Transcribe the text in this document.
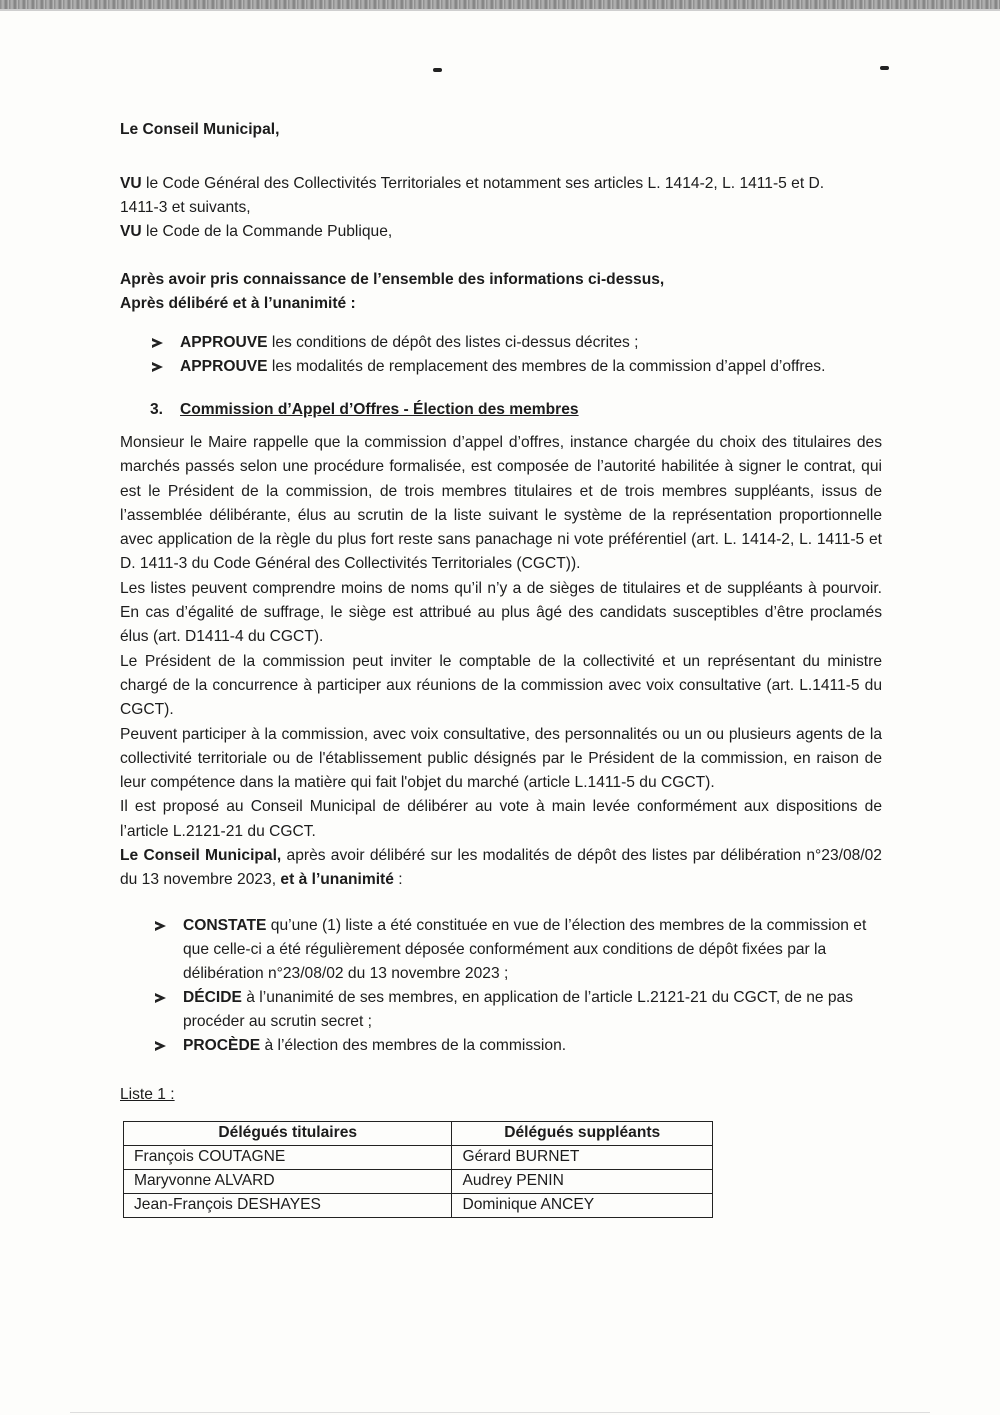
Le Conseil Municipal,
VU le Code Général des Collectivités Territoriales et notamment ses articles L. 1414-2, L. 1411-5 et D.
1411-3 et suivants,
VU le Code de la Commande Publique,
Après avoir pris connaissance de l’ensemble des informations ci-dessus,
Après délibéré et à l’unanimité :
APPROUVE les conditions de dépôt des listes ci-dessus décrites ;
APPROUVE les modalités de remplacement des membres de la commission d’appel d’offres.
3. Commission d’Appel d’Offres - Élection des membres

Monsieur le Maire rappelle que la commission d’appel d’offres, instance chargée du choix des titulaires des marchés passés selon une procédure formalisée, est composée de l’autorité habilitée à signer le contrat, qui est le Président de la commission, de trois membres titulaires et de trois membres suppléants, issus de l’assemblée délibérante, élus au scrutin de la liste suivant le système de la représentation proportionnelle avec application de la règle du plus fort reste sans panachage ni vote préférentiel (art. L. 1414-2, L. 1411-5 et D. 1411-3 du Code Général des Collectivités Territoriales (CGCT)).

Les listes peuvent comprendre moins de noms qu’il n’y a de sièges de titulaires et de suppléants à pourvoir. En cas d’égalité de suffrage, le siège est attribué au plus âgé des candidats susceptibles d’être proclamés élus (art. D1411-4 du CGCT).

Le Président de la commission peut inviter le comptable de la collectivité et un représentant du ministre chargé de la concurrence à participer aux réunions de la commission avec voix consultative (art. L.1411-5 du CGCT).

Peuvent participer à la commission, avec voix consultative, des personnalités ou un ou plusieurs agents de la collectivité territoriale ou de l'établissement public désignés par le Président de la commission, en raison de leur compétence dans la matière qui fait l'objet du marché (article L.1411-5 du CGCT).

Il est proposé au Conseil Municipal de délibérer au vote à main levée conformément aux dispositions de l’article L.2121-21 du CGCT.

Le Conseil Municipal, après avoir délibéré sur les modalités de dépôt des listes par délibération n°23/08/02 du 13 novembre 2023, et à l’unanimité :

CONSTATE qu’une (1) liste a été constituée en vue de l’élection des membres de la commission et que celle-ci a été régulièrement déposée conformément aux conditions de dépôt fixées par la délibération n°23/08/02 du 13 novembre 2023 ;
DÉCIDE à l’unanimité de ses membres, en application de l’article L.2121-21 du CGCT, de ne pas procéder au scrutin secret ;
PROCÈDE à l’élection des membres de la commission.
Liste 1 :
Délégués titulaires	Délégués suppléants
François COUTAGNE	Gérard BURNET
Maryvonne ALVARD	Audrey PENIN
Jean-François DESHAYES	Dominique ANCEY
